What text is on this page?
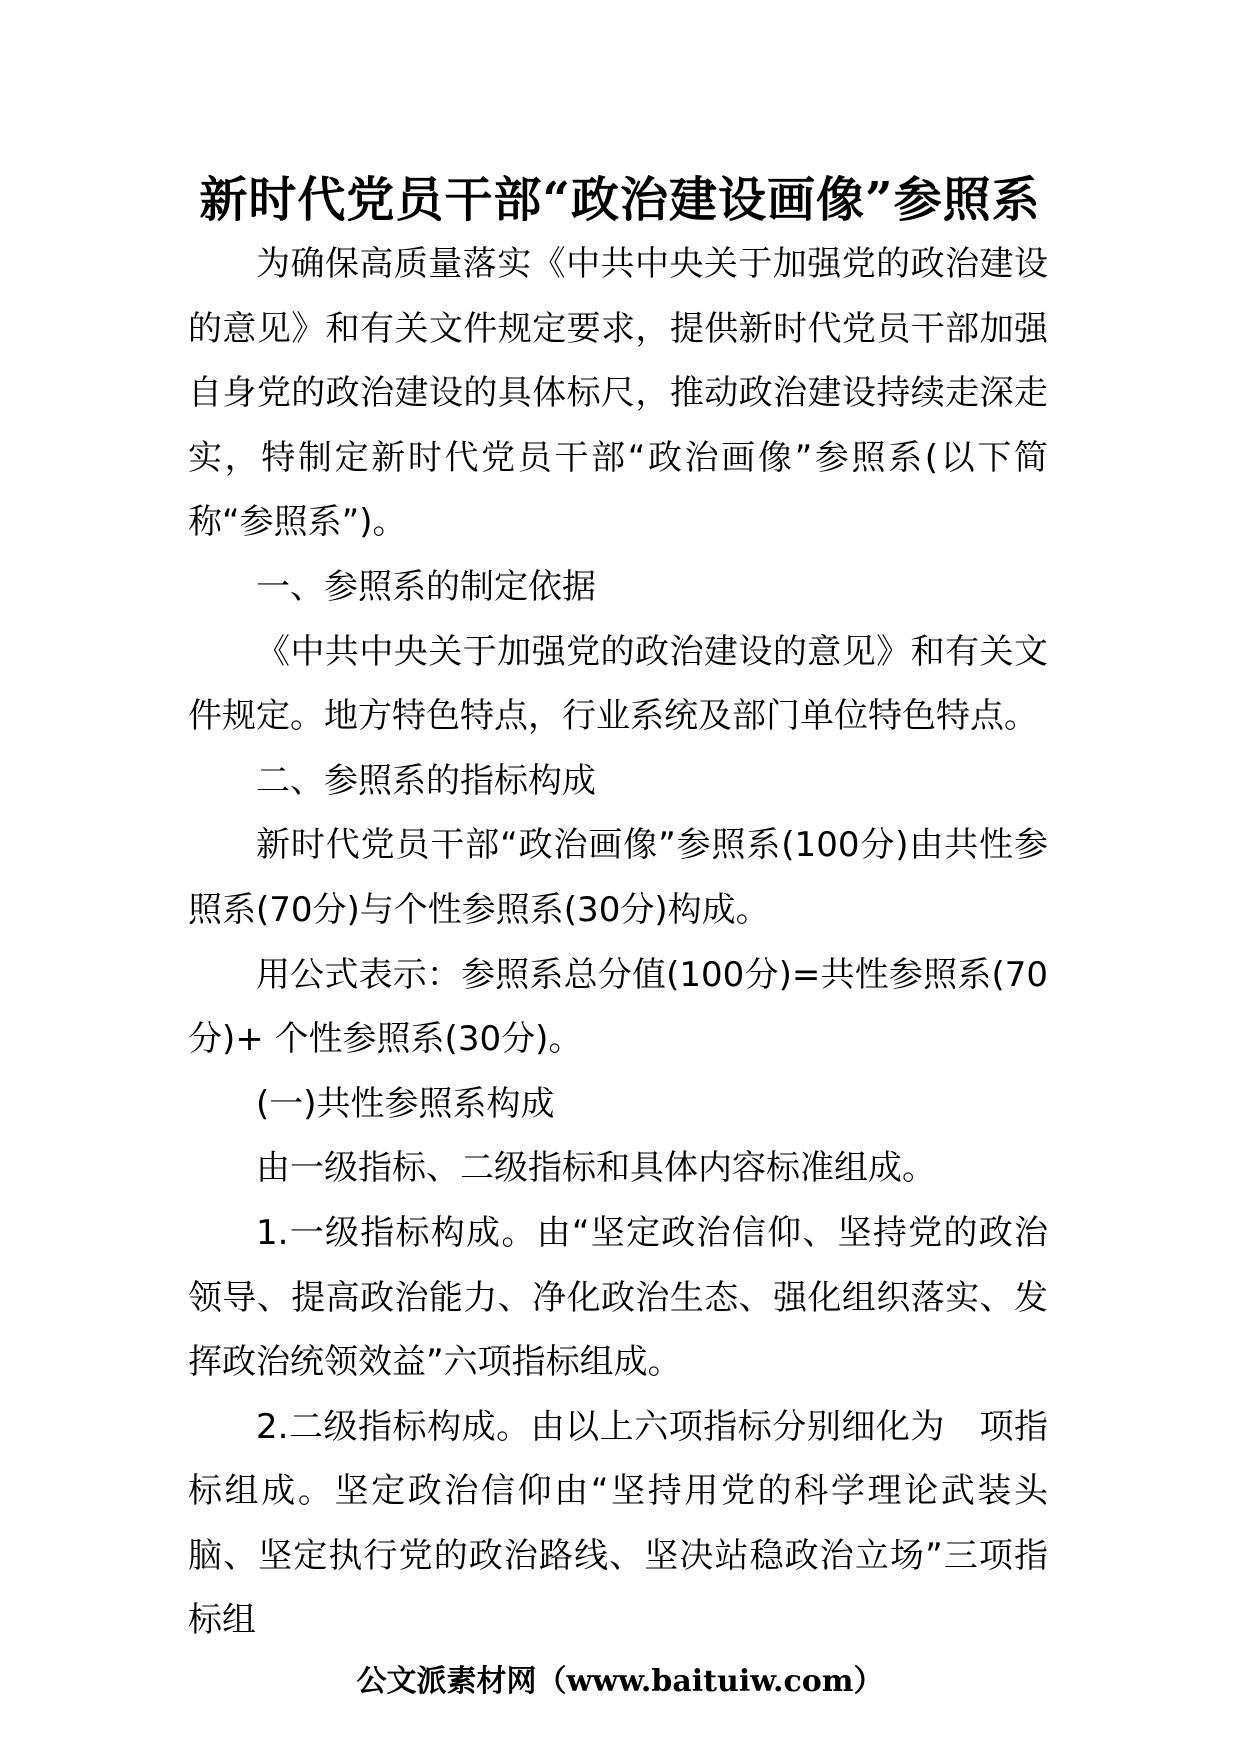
新时代党员干部“政治建设画像”参照系

为确保高质量落实《中共中央关于加强党的政治建设的意见》和有关文件规定要求，提供新时代党员干部加强自身党的政治建设的具体标尺，推动政治建设持续走深走实，特制定新时代党员干部“政治画像”参照系(以下简称“参照系”)。

一、参照系的制定依据

《中共中央关于加强党的政治建设的意见》和有关文件规定。地方特色特点，行业系统及部门单位特色特点。

二、参照系的指标构成

新时代党员干部“政治画像”参照系(100分)由共性参照系(70分)与个性参照系(30分)构成。

用公式表示：参照系总分值(100分)=共性参照系(70分)+ 个性参照系(30分)。

(一)共性参照系构成

由一级指标、二级指标和具体内容标准组成。

1.一级指标构成。由“坚定政治信仰、坚持党的政治领导、提高政治能力、净化政治生态、强化组织落实、发挥政治统领效益”六项指标组成。

2.二级指标构成。由以上六项指标分别细化为 项指标组成。坚定政治信仰由“坚持用党的科学理论武装头脑、坚定执行党的政治路线、坚决站稳政治立场”三项指标组

公文派素材网（www.baituiw.com）
